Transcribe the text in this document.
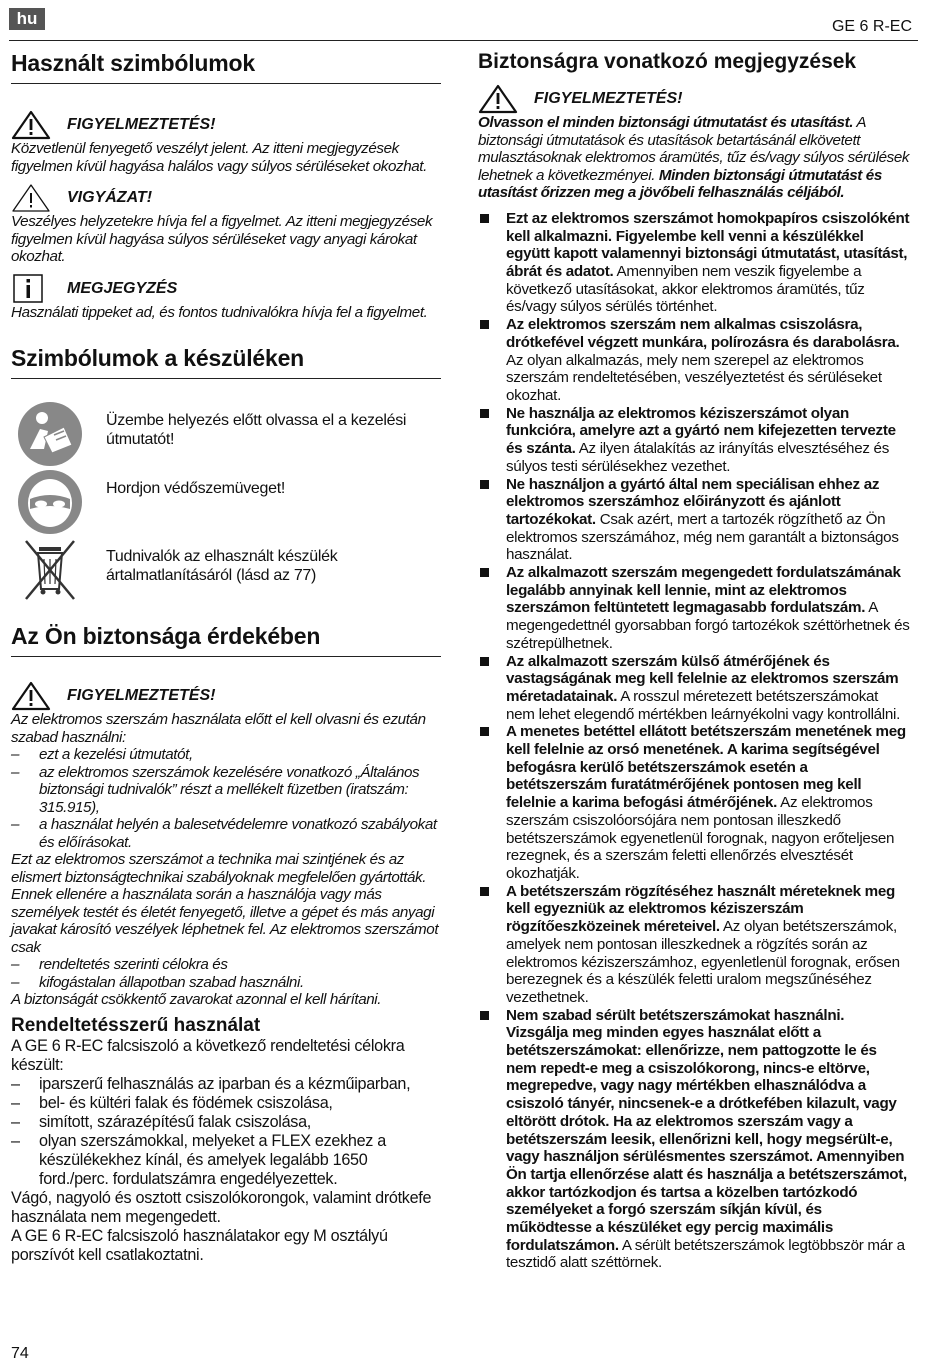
hu	GE 6 R-EC
Használt szimbólumok
FIGYELMEZTETÉS!

Közvetlenül fenyegető veszélyt jelent. Az itteni megjegyzések figyelmen kívül hagyása halálos vagy súlyos sérüléseket okozhat.

VIGYÁZAT!

Veszélyes helyzetekre hívja fel a figyelmet. Az itteni megjegyzések figyelmen kívül hagyása súlyos sérüléseket vagy anyagi károkat okozhat.

MEGJEGYZÉS

Használati tippeket ad, és fontos tudnivalókra hívja fel a figyelmet.

Szimbólumok a készüléken
Üzembe helyezés előtt olvassa el a kezelési útmutatót!
Hordjon védőszemüveget!
Tudnivalók az elhasznált készülék ártalmatlanításáról (lásd az 77)
Az Ön biztonsága érdekében
FIGYELMEZTETÉS!

Az elektromos szerszám használata előtt el kell olvasni és ezután szabad használni:

– ezt a kezelési útmutatót,
– az elektromos szerszámok kezelésére vonatkozó „Általános biztonsági tudnivalók” részt a mellékelt füzetben (iratszám: 315.915),
– a használat helyén a balesetvédelemre vonatkozó szabályokat és előírásokat.

Ezt az elektromos szerszámot a technika mai szintjének és az elismert biztonságtechnikai szabályoknak megfelelően gyártották.

Ennek ellenére a használata során a használója vagy más személyek testét és életét fenyegető, illetve a gépet és más anyagi javakat károsító veszélyek léphetnek fel. Az elektromos szerszámot csak

– rendeltetés szerinti célokra és
– kifogástalan állapotban szabad használni.

A biztonságát csökkentő zavarokat azonnal el kell hárítani.

Rendeltetésszerű használat

A GE 6 R-EC falcsiszoló a következő rendeltetési célokra készült:

– iparszerű felhasználás az iparban és a kézműiparban,
– bel- és kültéri falak és födémek csiszolása,
– simított, szárazépítésű falak csiszolása,
– olyan szerszámokkal, melyeket a FLEX ezekhez a készülékekhez kínál, és amelyek legalább 1650 ford./perc. fordulatszámra engedélyezettek.

Vágó, nagyoló és osztott csiszolókorongok, valamint drótkefe használata nem megengedett.

A GE 6 R-EC falcsiszoló használatakor egy M osztályú porszívót kell csatlakoztatni.

Biztonságra vonatkozó megjegyzések
FIGYELMEZTETÉS!

Olvasson el minden biztonsági útmutatást és utasítást. A biztonsági útmutatások és utasítások betartásánál elkövetett mulasztásoknak elektromos áramütés, tűz és/vagy súlyos sérülések lehetnek a következményei. Minden biztonsági útmutatást és utasítást őrizzen meg a jövőbeli felhasználás céljából.

Ezt az elektromos szerszámot homokpapíros csiszolóként kell alkalmazni. Figyelembe kell venni a készülékkel együtt kapott valamennyi biztonsági útmutatást, utasítást, ábrát és adatot. Amennyiben nem veszik figyelembe a következő utasításokat, akkor elektromos áramütés, tűz és/vagy súlyos sérülés történhet.
Az elektromos szerszám nem alkalmas csiszolásra, drótkefével végzett munkára, polírozásra és darabolásra. Az olyan alkalmazás, mely nem szerepel az elektromos szerszám rendeltetésében, veszélyeztetést és sérüléseket okozhat.
Ne használja az elektromos kéziszerszámot olyan funkcióra, amelyre azt a gyártó nem kifejezetten tervezte és szánta. Az ilyen átalakítás az irányítás elvesztéséhez és súlyos testi sérülésekhez vezethet.
Ne használjon a gyártó által nem speciálisan ehhez az elektromos szerszámhoz előirányzott és ajánlott tartozékokat. Csak azért, mert a tartozék rögzíthető az Ön elektromos szerszámához, még nem garantált a biztonságos használat.
Az alkalmazott szerszám megengedett fordulatszámának legalább annyinak kell lennie, mint az elektromos szerszámon feltüntetett legmagasabb fordulatszám. A megengedettnél gyorsabban forgó tartozékok széttörhetnek és szétrepülhetnek.
Az alkalmazott szerszám külső átmérőjének és vastagságának meg kell felelnie az elektromos szerszám méretadatainak. A rosszul méretezett betétszerszámokat nem lehet elegendő mértékben leárnyékolni vagy kontrollálni.
A menetes betéttel ellátott betétszerszám menetének meg kell felelnie az orsó menetének. A karima segítségével befogásra kerülő betétszerszámok esetén a betétszerszám furatátmérőjének pontosen meg kell felelnie a karima befogási átmérőjének. Az elektromos szerszám csiszolóorsójára nem pontosan illeszkedő betétszerszámok egyenetlenül forognak, nagyon erőteljesen rezegnek, és a szerszám feletti ellenőrzés elvesztését okozhatják.
A betétszerszám rögzítéséhez használt méreteknek meg kell egyezniük az elektromos kéziszerszám rögzítőeszközeinek méreteivel. Az olyan betétszerszámok, amelyek nem pontosan illeszkednek a rögzítés során az elektromos kéziszerszámhoz, egyenletlenül forognak, erősen berezegnek és a készülék feletti uralom megszűnéséhez vezethetnek.
Nem szabad sérült betétszerszámokat használni. Vizsgálja meg minden egyes használat előtt a betétszerszámokat: ellenőrizze, nem pattogzotte le és nem repedt-e meg a csiszolókorong, nincs-e eltörve, megrepedve, vagy nagy mértékben elhasználódva a csiszoló tányér, nincsenek-e a drótkefében kilazult, vagy eltörött drótok. Ha az elektromos szerszám vagy a betétszerszám leesik, ellenőrizni kell, hogy megsérült-e, vagy használjon sérülésmentes szerszámot. Amennyiben Ön tartja ellenőrzése alatt és használja a betétszerszámot, akkor tartózkodjon és tartsa a közelben tartózkodó személyeket a forgó szerszám síkján kívül, és működtesse a készüléket egy percig maximális fordulatszámon. A sérült betétszerszámok legtöbbször már a tesztidő alatt széttörnek.
74
